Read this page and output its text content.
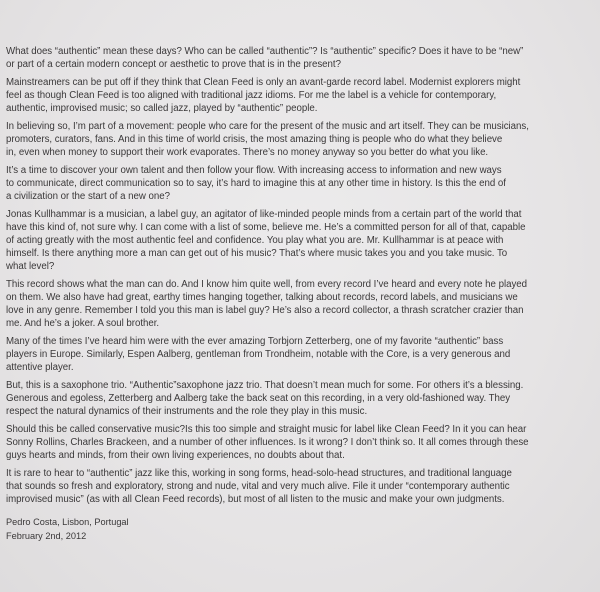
What does “authentic” mean these days? Who can be called “authentic”? Is “authentic” specific? Does it have to be “new”
or part of a certain modern concept or aesthetic to prove that is in the present?

Mainstreamers can be put off if they think that Clean Feed is only an avant-garde record label. Modernist explorers might
feel as though Clean Feed is too aligned with traditional jazz idioms. For me the label is a vehicle for contemporary,
authentic, improvised music; so called jazz, played by “authentic” people.

In believing so, I’m part of a movement: people who care for the present of the music and art itself. They can be musicians,
promoters, curators, fans. And in this time of world crisis, the most amazing thing is people who do what they believe
in, even when money to support their work evaporates. There’s no money anyway so you better do what you like.

It’s a time to discover your own talent and then follow your flow. With increasing access to information and new ways
to communicate, direct communication so to say, it’s hard to imagine this at any other time in history. Is this the end of
a civilization or the start of a new one?

Jonas Kullhammar is a musician, a label guy, an agitator of like-minded people minds from a certain part of the world that
have this kind of, not sure why. I can come with a list of some, believe me. He’s a committed person for all of that, capable
of acting greatly with the most authentic feel and confidence. You play what you are. Mr. Kullhammar is at peace with
himself. Is there anything more a man can get out of his music? That’s where music takes you and you take music. To
what level?

This record shows what the man can do. And I know him quite well, from every record I’ve heard and every note he played
on them. We also have had great, earthy times hanging together, talking about records, record labels, and musicians we
love in any genre. Remember I told you this man is label guy? He’s also a record collector, a thrash scratcher crazier than
me. And he’s a joker. A soul brother.

Many of the times I’ve heard him were with the ever amazing Torbjorn Zetterberg, one of my favorite “authentic” bass
players in Europe. Similarly, Espen Aalberg, gentleman from Trondheim, notable with the Core, is a very generous and
attentive player.

But, this is a saxophone trio. “Authentic”saxophone jazz trio. That doesn’t mean much for some. For others it’s a blessing.
Generous and egoless, Zetterberg and Aalberg take the back seat on this recording, in a very old-fashioned way. They
respect the natural dynamics of their instruments and the role they play in this music.

Should this be called conservative music?Is this too simple and straight music for label like Clean Feed? In it you can hear
Sonny Rollins, Charles Brackeen, and a number of other influences. Is it wrong? I don’t think so. It all comes through these
guys hearts and minds, from their own living experiences, no doubts about that.

It is rare to hear to “authentic” jazz like this, working in song forms, head-solo-head structures, and traditional language
that sounds so fresh and exploratory, strong and nude, vital and very much alive. File it under “contemporary authentic
improvised music” (as with all Clean Feed records), but most of all listen to the music and make your own judgments.

Pedro Costa, Lisbon, Portugal
February 2nd, 2012
